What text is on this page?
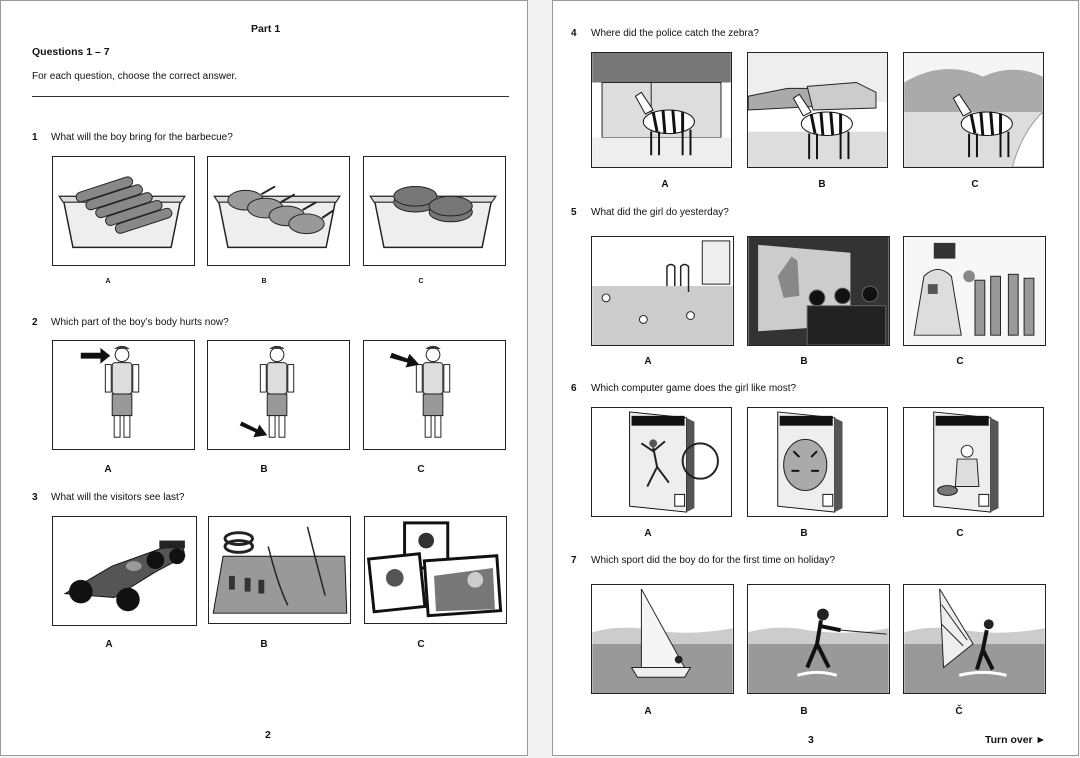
Part 1
Questions 1 – 7
For each question, choose the correct answer.
1 What will the boy bring for the barbecue?
A	B	C
2 Which part of the boy’s body hurts now?
A	B	C
3 What will the visitors see last?
A	B	C
2
4 Where did the police catch the zebra?
A	B	C
5 What did the girl do yesterday?
A	B	C
6 Which computer game does the girl like most?
A	B	C
7 Which sport did the boy do for the first time on holiday?
A	B	Č
3	Turn over ►
